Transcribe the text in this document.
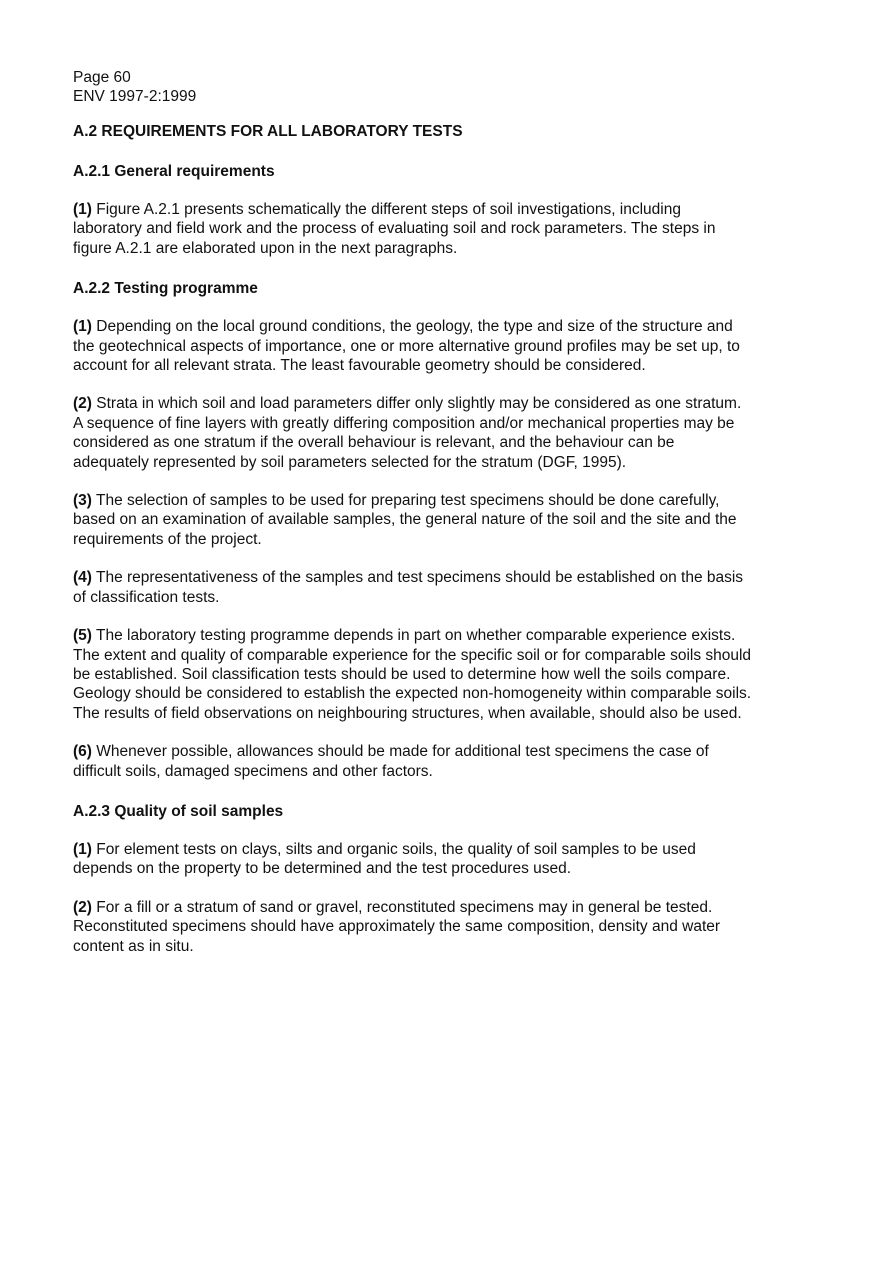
Page 60

ENV 1997-2:1999

A.2 REQUIREMENTS FOR ALL LABORATORY TESTS

A.2.1 General requirements

(1) Figure A.2.1 presents schematically the different steps of soil investigations, including laboratory and field work and the process of evaluating soil and rock parameters. The steps in figure A.2.1 are elaborated upon in the next paragraphs.

A.2.2 Testing programme

(1) Depending on the local ground conditions, the geology, the type and size of the structure and the geotechnical aspects of importance, one or more alternative ground profiles may be set up, to account for all relevant strata. The least favourable geometry should be considered.

(2) Strata in which soil and load parameters differ only slightly may be considered as one stratum. A sequence of fine layers with greatly differing composition and/or mechanical properties may be considered as one stratum if the overall behaviour is relevant, and the behaviour can be adequately represented by soil parameters selected for the stratum (DGF, 1995).

(3) The selection of samples to be used for preparing test specimens should be done carefully, based on an examination of available samples, the general nature of the soil and the site and the requirements of the project.

(4) The representativeness of the samples and test specimens should be established on the basis of classification tests.

(5) The laboratory testing programme depends in part on whether comparable experience exists. The extent and quality of comparable experience for the specific soil or for comparable soils should be established. Soil classification tests should be used to determine how well the soils compare. Geology should be considered to establish the expected non-homogeneity within comparable soils. The results of field observations on neighbouring structures, when available, should also be used.

(6) Whenever possible, allowances should be made for additional test specimens the case of difficult soils, damaged specimens and other factors.

A.2.3 Quality of soil samples

(1) For element tests on clays, silts and organic soils, the quality of soil samples to be used depends on the property to be determined and the test procedures used.

(2) For a fill or a stratum of sand or gravel, reconstituted specimens may in general be tested. Reconstituted specimens should have approximately the same composition, density and water content as in situ.
